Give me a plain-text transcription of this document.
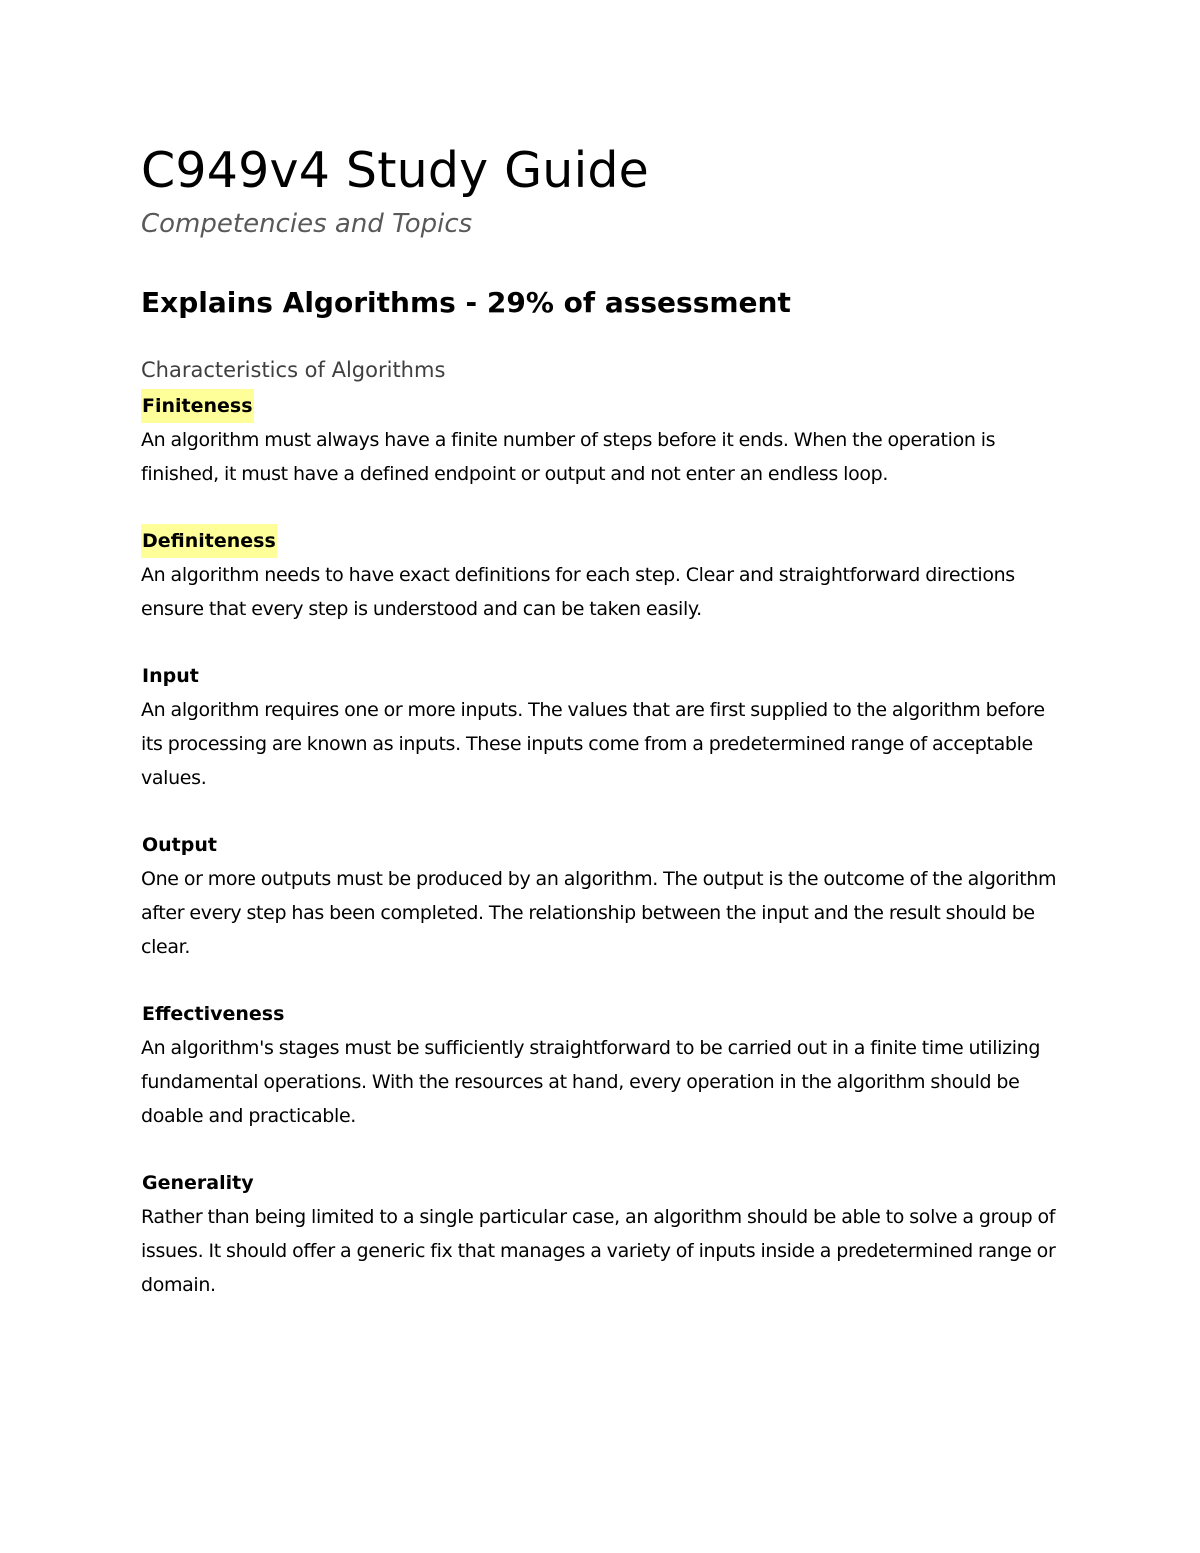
C949v4 Study Guide
Competencies and Topics
Explains Algorithms - 29% of assessment
Characteristics of Algorithms
Finiteness

An algorithm must always have a finite number of steps before it ends. When the operation is finished, it must have a defined endpoint or output and not enter an endless loop.

Definiteness

An algorithm needs to have exact definitions for each step. Clear and straightforward directions ensure that every step is understood and can be taken easily.

Input

An algorithm requires one or more inputs. The values that are first supplied to the algorithm before its processing are known as inputs. These inputs come from a predetermined range of acceptable values.

Output

One or more outputs must be produced by an algorithm. The output is the outcome of the algorithm after every step has been completed. The relationship between the input and the result should be clear.

Effectiveness

An algorithm's stages must be sufficiently straightforward to be carried out in a finite time utilizing fundamental operations. With the resources at hand, every operation in the algorithm should be doable and practicable.

Generality

Rather than being limited to a single particular case, an algorithm should be able to solve a group of issues. It should offer a generic fix that manages a variety of inputs inside a predetermined range or domain.
